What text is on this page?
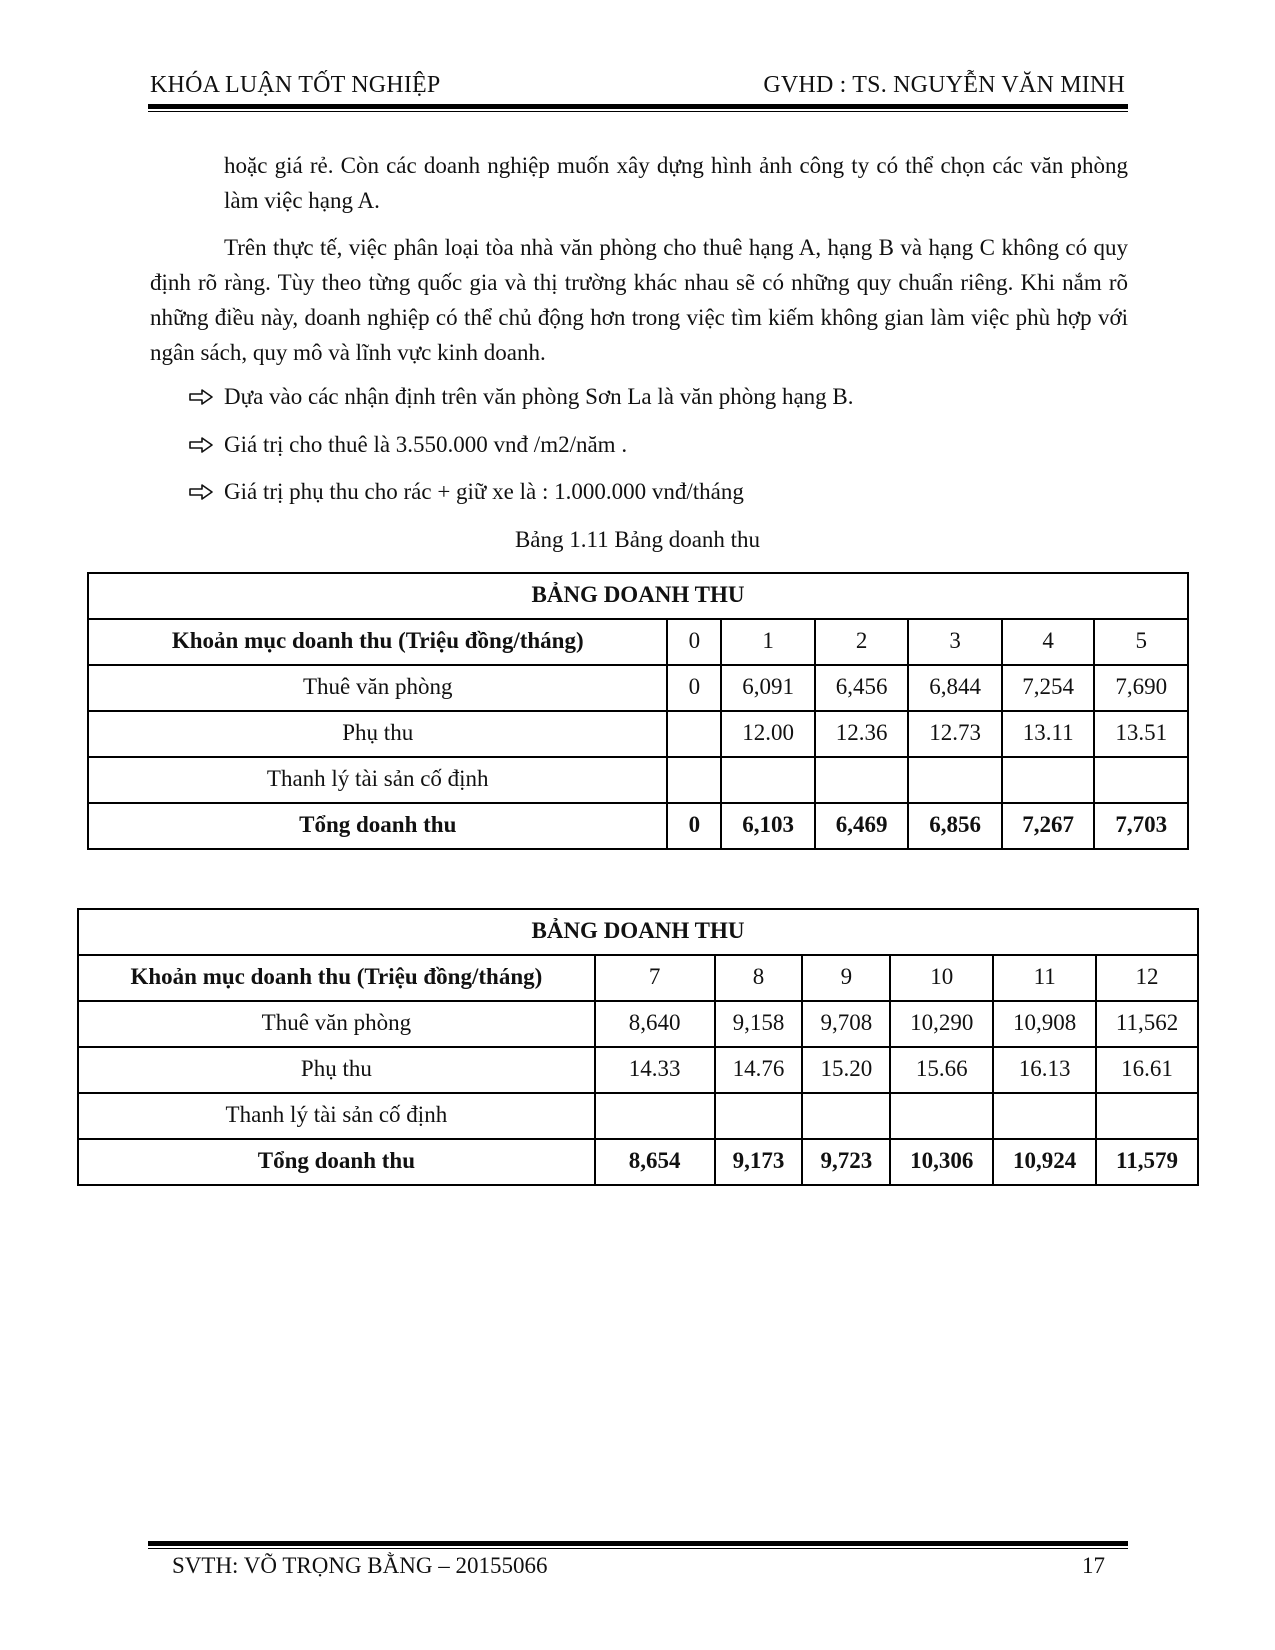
KHÓA LUẬN TỐT NGHIỆP	GVHD : TS. NGUYỄN VĂN MINH
hoặc giá rẻ. Còn các doanh nghiệp muốn xây dựng hình ảnh công ty có thể chọn các văn phòng làm việc hạng A.
Trên thực tế, việc phân loại tòa nhà văn phòng cho thuê hạng A, hạng B và hạng C không có quy định rõ ràng. Tùy theo từng quốc gia và thị trường khác nhau sẽ có những quy chuẩn riêng. Khi nắm rõ những điều này, doanh nghiệp có thể chủ động hơn trong việc tìm kiếm không gian làm việc phù hợp với ngân sách, quy mô và lĩnh vực kinh doanh.
Dựa vào các nhận định trên văn phòng Sơn La là văn phòng hạng B.
Giá trị cho thuê là 3.550.000 vnđ /m2/năm .
Giá trị phụ thu cho rác + giữ xe là : 1.000.000 vnđ/tháng
Bảng 1.11 Bảng doanh thu
BẢNG DOANH THU						
Khoản mục doanh thu (Triệu đồng/tháng)	0	1	2	3	4	5
Thuê văn phòng	0	6,091	6,456	6,844	7,254	7,690
Phụ thu		12.00	12.36	12.73	13.11	13.51
Thanh lý tài sản cố định						
Tổng doanh thu	0	6,103	6,469	6,856	7,267	7,703
BẢNG DOANH THU						
Khoản mục doanh thu (Triệu đồng/tháng)	7	8	9	10	11	12
Thuê văn phòng	8,640	9,158	9,708	10,290	10,908	11,562
Phụ thu	14.33	14.76	15.20	15.66	16.13	16.61
Thanh lý tài sản cố định						
Tổng doanh thu	8,654	9,173	9,723	10,306	10,924	11,579
SVTH: VÕ TRỌNG BẰNG – 20155066	17
